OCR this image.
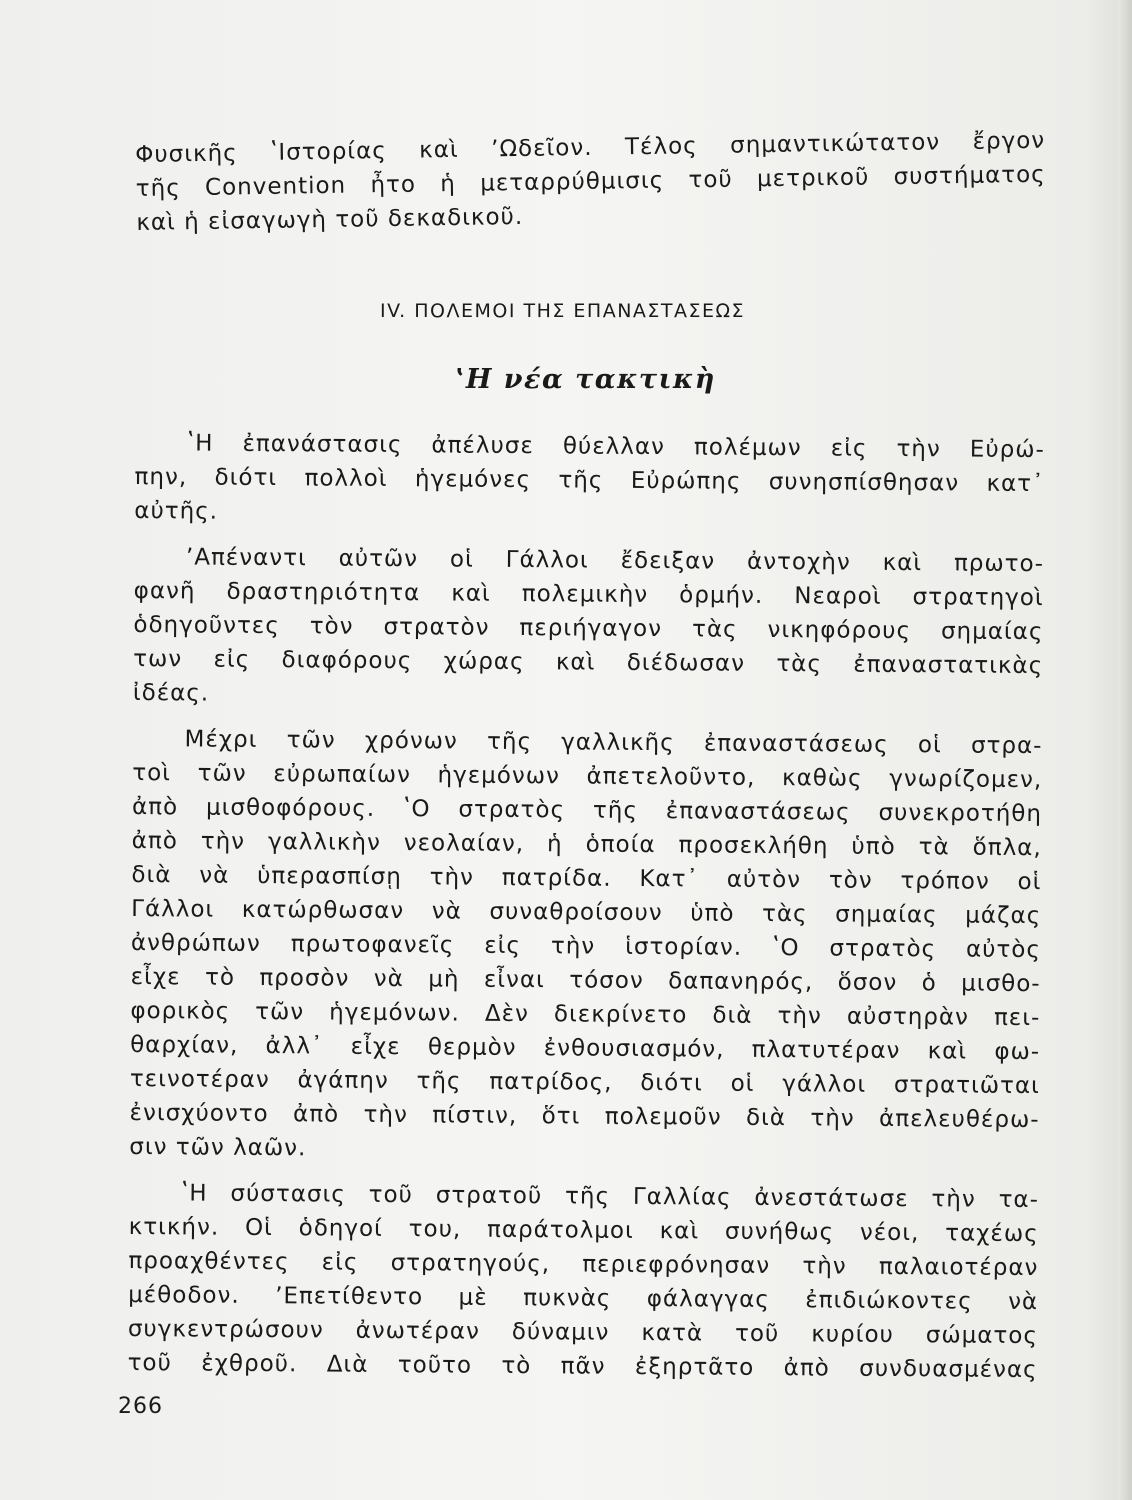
Φυσικῆς ʽΙστορίας καὶ ʼΩδεῖον. Τέλος σημαντικώτατον ἔργον
τῆς Convention ἦτο ἡ μεταρρύθμισις τοῦ μετρικοῦ συστήματος
καὶ ἡ εἰσαγωγὴ τοῦ δεκαδικοῦ.
IV. ΠΟΛΕΜΟΙ ΤΗΣ ΕΠΑΝΑΣΤΑΣΕΩΣ
ʽΗ νέα τακτικὴ
ʽΗ ἐπανάστασις ἀπέλυσε θύελλαν πολέμων εἰς τὴν Εὐρώ-
πην, διότι πολλοὶ ἡγεμόνες τῆς Εὐρώπης συνησπίσθησαν κατ᾽
αὐτῆς.
ʼΑπέναντι αὐτῶν οἱ Γάλλοι ἔδειξαν ἀντοχὴν καὶ πρωτο-
φανῆ δραστηριότητα καὶ πολεμικὴν ὁρμήν. Νεαροὶ στρατηγοὶ
ὁδηγοῦντες τὸν στρατὸν περιήγαγον τὰς νικηφόρους σημαίας
των εἰς διαφόρους χώρας καὶ διέδωσαν τὰς ἐπαναστατικὰς
ἰδέας.
Μέχρι τῶν χρόνων τῆς γαλλικῆς ἐπαναστάσεως οἱ στρα-
τοὶ τῶν εὐρωπαίων ἡγεμόνων ἀπετελοῦντο, καθὼς γνωρίζομεν,
ἀπὸ μισθοφόρους. ʽΟ στρατὸς τῆς ἐπαναστάσεως συνεκροτήθη
ἀπὸ τὴν γαλλικὴν νεολαίαν, ἡ ὁποία προσεκλήθη ὑπὸ τὰ ὅπλα,
διὰ νὰ ὑπερασπίσῃ τὴν πατρίδα. Κατ᾽ αὐτὸν τὸν τρόπον οἱ
Γάλλοι κατώρθωσαν νὰ συναθροίσουν ὑπὸ τὰς σημαίας μάζας
ἀνθρώπων πρωτοφανεῖς εἰς τὴν ἱστορίαν. ʽΟ στρατὸς αὐτὸς
εἶχε τὸ προσὸν νὰ μὴ εἶναι τόσον δαπανηρός, ὅσον ὁ μισθο-
φορικὸς τῶν ἡγεμόνων. Δὲν διεκρίνετο διὰ τὴν αὐστηρὰν πει-
θαρχίαν, ἀλλ᾽ εἶχε θερμὸν ἐνθουσιασμόν, πλατυτέραν καὶ φω-
τεινοτέραν ἀγάπην τῆς πατρίδος, διότι οἱ γάλλοι στρατιῶται
ἐνισχύοντο ἀπὸ τὴν πίστιν, ὅτι πολεμοῦν διὰ τὴν ἀπελευθέρω-
σιν τῶν λαῶν.
ʽΗ σύστασις τοῦ στρατοῦ τῆς Γαλλίας ἀνεστάτωσε τὴν τα-
κτικήν. Οἱ ὁδηγοί του, παράτολμοι καὶ συνήθως νέοι, ταχέως
προαχθέντες εἰς στρατηγούς, περιεφρόνησαν τὴν παλαιοτέραν
μέθοδον. ʼΕπετίθεντο μὲ πυκνὰς φάλαγγας ἐπιδιώκοντες νὰ
συγκεντρώσουν ἀνωτέραν δύναμιν κατὰ τοῦ κυρίου σώματος
τοῦ ἐχθροῦ. Διὰ τοῦτο τὸ πᾶν ἐξηρτᾶτο ἀπὸ συνδυασμένας
266
